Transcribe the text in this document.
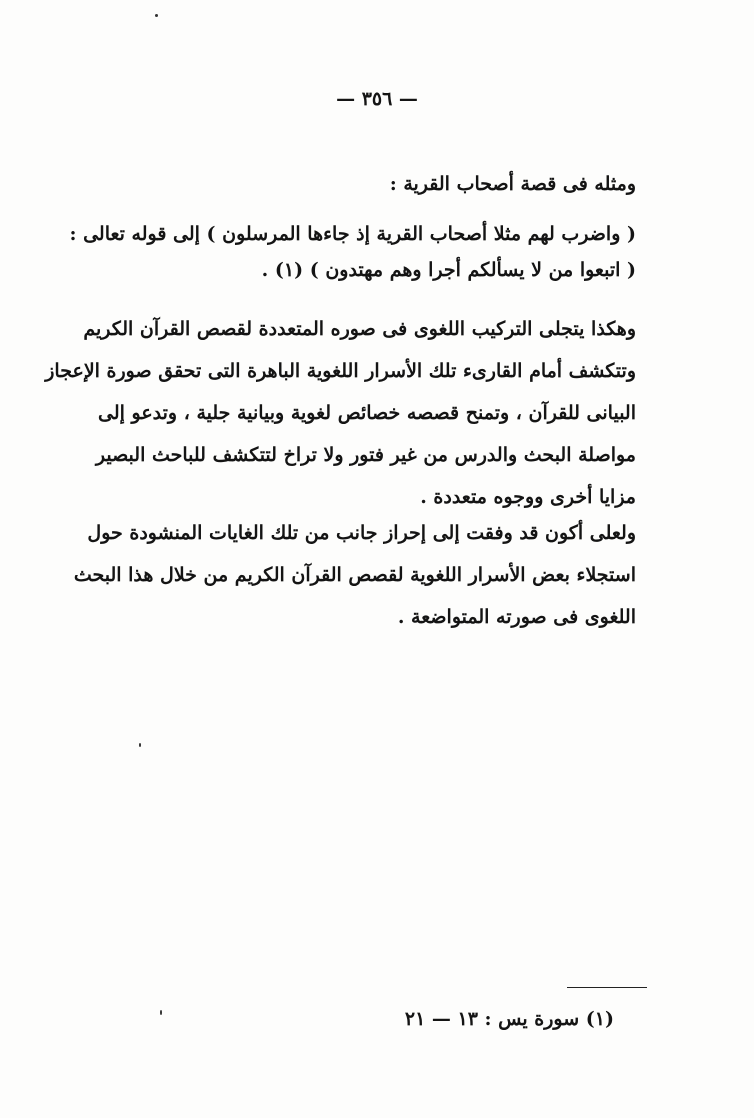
— ٣٥٦ —
ومثله فى قصة أصحاب القرية :
( واضرب لهم مثلا أصحاب القرية إذ جاءها المرسلون ) إلى قوله تعالى :
( اتبعوا من لا يسألكم أجرا وهم مهتدون ) (١) .
وهكذا يتجلى التركيب اللغوى فى صوره المتعددة لقصص القرآن الكريم
وتتكشف أمام القارىء تلك الأسرار اللغوية الباهرة التى تحقق صورة الإعجاز
البيانى للقرآن ، وتمنح قصصه خصائص لغوية وبيانية جلية ، وتدعو إلى
مواصلة البحث والدرس من غير فتور ولا تراخ لتتكشف للباحث البصير
مزايا أخرى ووجوه متعددة .
ولعلى أكون قد وفقت إلى إحراز جانب من تلك الغايات المنشودة حول
استجلاء بعض الأسرار اللغوية لقصص القرآن الكريم من خلال هذا البحث
اللغوى فى صورته المتواضعة .
(١) سورة يس : ١٣ — ٢١
